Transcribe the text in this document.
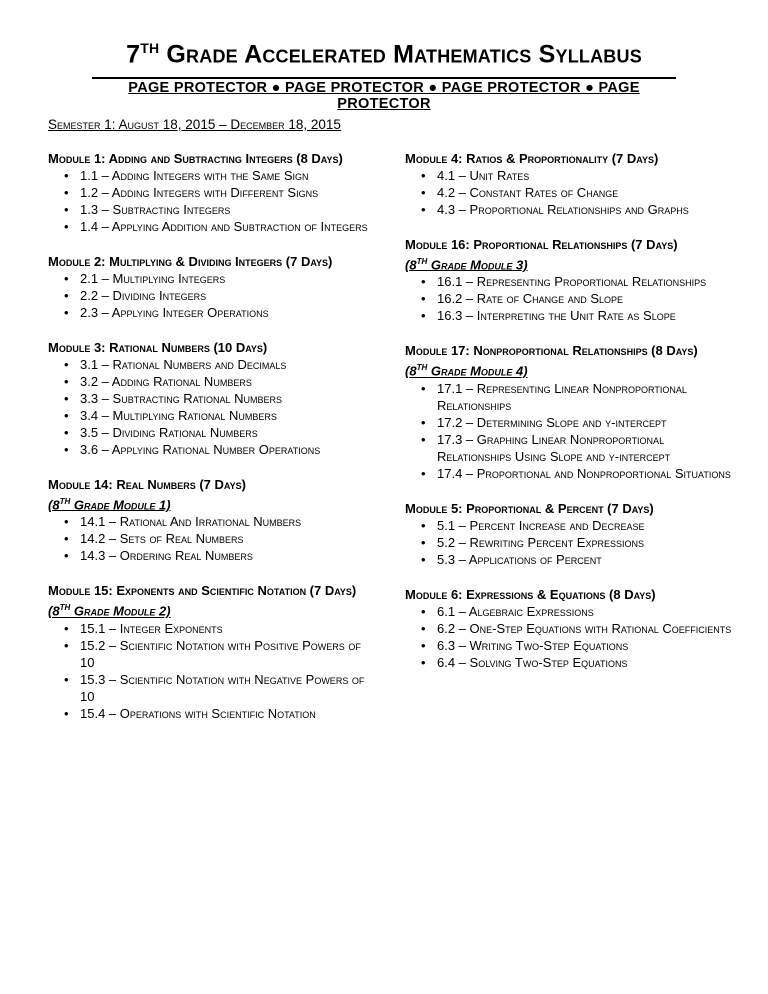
7TH Grade Accelerated Mathematics Syllabus
PAGE PROTECTOR ● PAGE PROTECTOR ● PAGE PROTECTOR ● PAGE PROTECTOR
Semester 1: August 18, 2015 – December 18, 2015
Module 1: Adding and Subtracting Integers (8 Days)
• 1.1 – Adding Integers with the Same Sign
• 1.2 – Adding Integers with Different Signs
• 1.3 – Subtracting Integers
• 1.4 – Applying Addition and Subtraction of Integers
Module 2: Multiplying & Dividing Integers (7 Days)
• 2.1 – Multiplying Integers
• 2.2 – Dividing Integers
• 2.3 – Applying Integer Operations
Module 3: Rational Numbers (10 Days)
• 3.1 – Rational Numbers and Decimals
• 3.2 – Adding Rational Numbers
• 3.3 – Subtracting Rational Numbers
• 3.4 – Multiplying Rational Numbers
• 3.5 – Dividing Rational Numbers
• 3.6 – Applying Rational Number Operations
Module 14: Real Numbers (7 Days)
(8TH Grade Module 1)
• 14.1 – Rational And Irrational Numbers
• 14.2 – Sets of Real Numbers
• 14.3 – Ordering Real Numbers
Module 15: Exponents and Scientific Notation (7 Days)
(8TH Grade Module 2)
• 15.1 – Integer Exponents
• 15.2 – Scientific Notation with Positive Powers of 10
• 15.3 – Scientific Notation with Negative Powers of 10
• 15.4 – Operations with Scientific Notation
Module 4: Ratios & Proportionality (7 Days)
• 4.1 – Unit Rates
• 4.2 – Constant Rates of Change
• 4.3 – Proportional Relationships and Graphs
Module 16: Proportional Relationships (7 Days)
(8TH Grade Module 3)
• 16.1 – Representing Proportional Relationships
• 16.2 – Rate of Change and Slope
• 16.3 – Interpreting the Unit Rate as Slope
Module 17: Nonproportional Relationships (8 Days)
(8TH Grade Module 4)
• 17.1 – Representing Linear Nonproportional Relationships
• 17.2 – Determining Slope and y-intercept
• 17.3 – Graphing Linear Nonproportional Relationships Using Slope and y-intercept
• 17.4 – Proportional and Nonproportional Situations
Module 5: Proportional & Percent (7 Days)
• 5.1 – Percent Increase and Decrease
• 5.2 – Rewriting Percent Expressions
• 5.3 – Applications of Percent
Module 6: Expressions & Equations (8 Days)
• 6.1 – Algebraic Expressions
• 6.2 – One-Step Equations with Rational Coefficients
• 6.3 – Writing Two-Step Equations
• 6.4 – Solving Two-Step Equations
